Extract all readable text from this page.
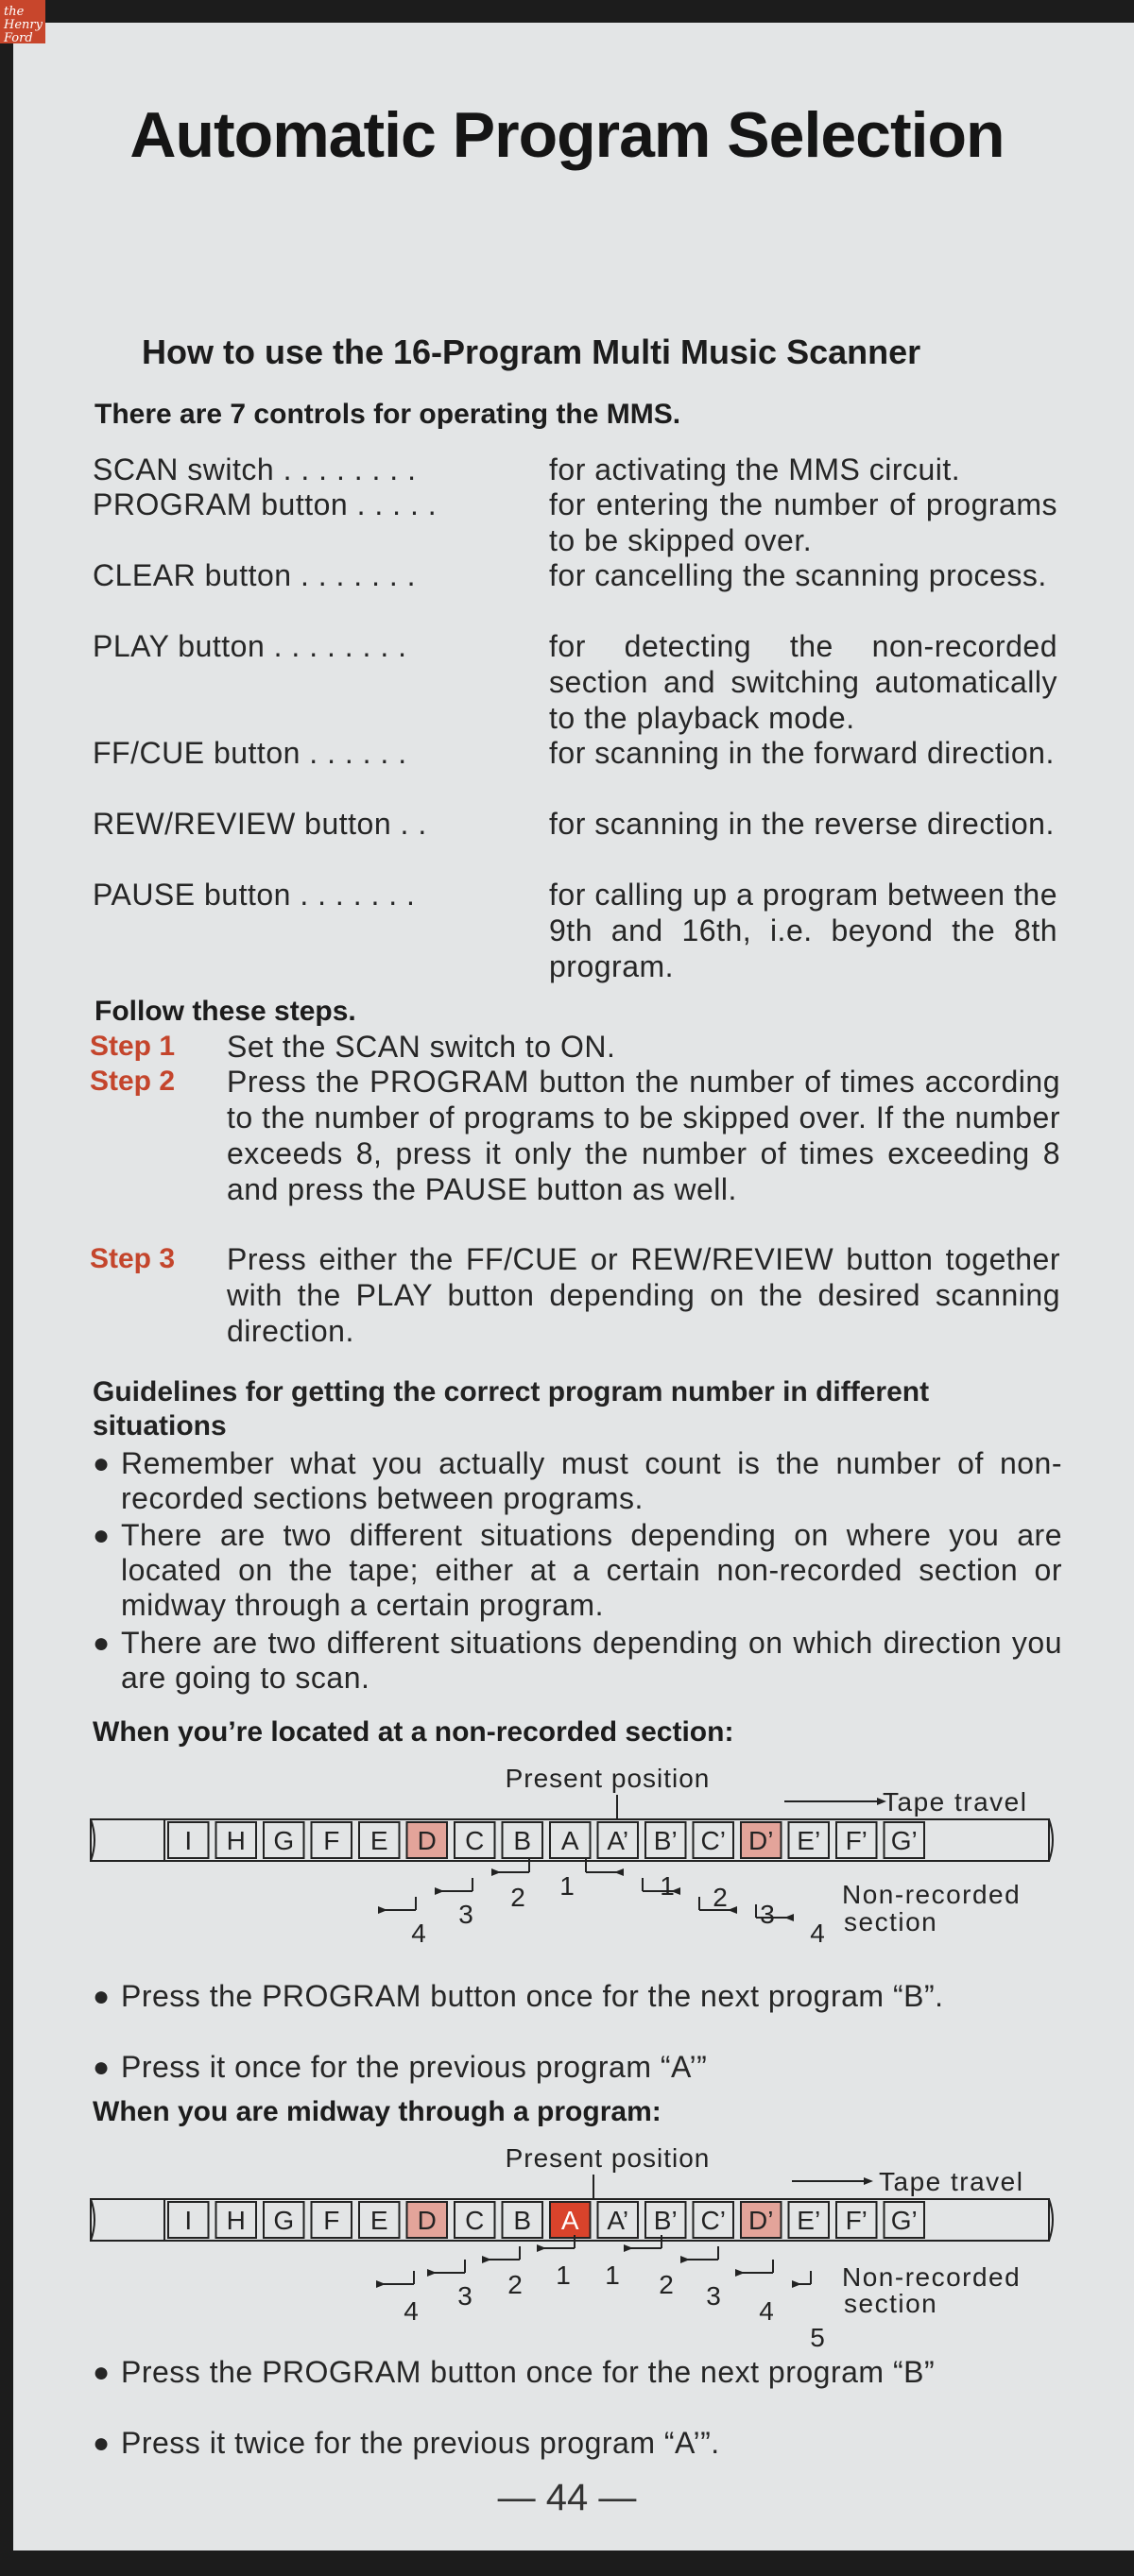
the
Henry
Ford
Automatic Program Selection
How to use the 16-Program Multi Music Scanner
There are 7 controls for operating the MMS.
SCAN switch . . . . . . . .	for activating the MMS circuit.
PROGRAM button . . . . .	for entering the number of programs to be skipped over.
CLEAR button . . . . . . .	for cancelling the scanning process.
PLAY button . . . . . . . .	for detecting the non-recorded section and switching automatically to the playback mode.
FF/CUE button . . . . . .	for scanning in the forward direction.
REW/REVIEW button . .	for scanning in the reverse direction.
PAUSE button . . . . . . .	for calling up a program between the 9th and 16th, i.e. beyond the 8th program.
Follow these steps.
Step 1 Set the SCAN switch to ON.
Step 2 Press the PROGRAM button the number of times according to the number of programs to be skipped over. If the number exceeds 8, press it only the number of times exceeding 8 and press the PAUSE button as well.
Step 3 Press either the FF/CUE or REW/REVIEW button together with the PLAY button depending on the desired scanning direction.
Guidelines for getting the correct program number in different situations
● Remember what you actually must count is the number of non-recorded sections between programs.
● There are two different situations depending on where you are located on the tape; either at a certain non-recorded section or midway through a certain program.
● There are two different situations depending on which direction you are going to scan.
When you’re located at a non-recorded section:
Present position
Tape travel
I H G F E D C B A A’ B’ C’ D’ E’ F’ G’
4
3
2 1	1 2
3
4
Non-recorded
section
● Press the PROGRAM button once for the next program “B”.
● Press it once for the previous program “A’”
When you are midway through a program:
Present position
Tape travel
I H G F E D C B A A’ B’ C’ D’ E’ F’ G’
4
3 2 1 1 2 3
4
5
Non-recorded
section
● Press the PROGRAM button once for the next program “B”
● Press it twice for the previous program “A’”.
— 44 —
